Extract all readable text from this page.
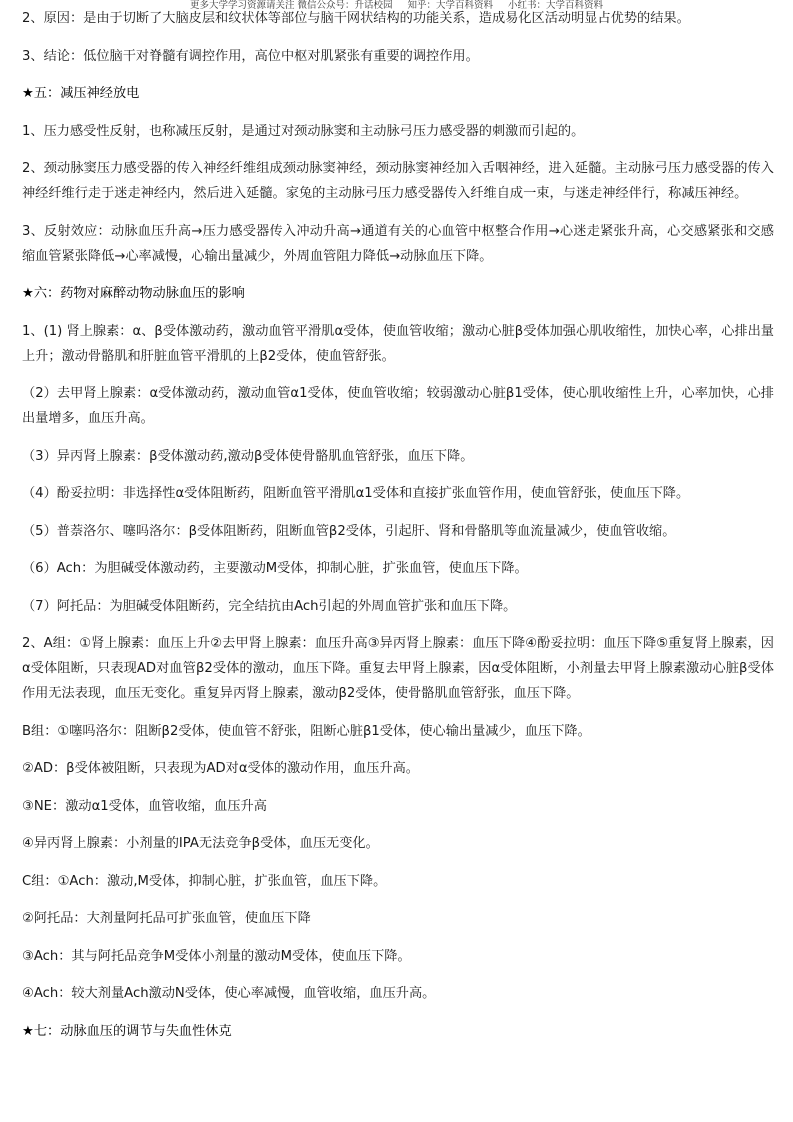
更多大学学习资源请关注 微信公众号：升话校园 知乎：大学百科资料 小红书：大学百科资料

2、原因：是由于切断了大脑皮层和纹状体等部位与脑干网状结构的功能关系，造成易化区活动明显占优势的结果。

3、结论：低位脑干对脊髓有调控作用，高位中枢对肌紧张有重要的调控作用。

★五：减压神经放电

1、压力感受性反射，也称减压反射，是通过对颈动脉窦和主动脉弓压力感受器的刺激而引起的。

2、颈动脉窦压力感受器的传入神经纤维组成颈动脉窦神经，颈动脉窦神经加入舌咽神经，进入延髓。主动脉弓压力感受器的传入神经纤维行走于迷走神经内，然后进入延髓。家兔的主动脉弓压力感受器传入纤维自成一束，与迷走神经伴行，称减压神经。

3、反射效应：动脉血压升高→压力感受器传入冲动升高→通道有关的心血管中枢整合作用→心迷走紧张升高，心交感紧张和交感缩血管紧张降低→心率减慢，心输出量减少，外周血管阻力降低→动脉血压下降。

★六：药物对麻醉动物动脉血压的影响

1、(1) 肾上腺素：α、β受体激动药，激动血管平滑肌α受体，使血管收缩；激动心脏β受体加强心肌收缩性，加快心率，心排出量上升；激动骨骼肌和肝脏血管平滑肌的上β2受体，使血管舒张。

（2）去甲肾上腺素：α受体激动药，激动血管α1受体，使血管收缩；较弱激动心脏β1受体，使心肌收缩性上升，心率加快，心排出量增多，血压升高。

（3）异丙肾上腺素：β受体激动药,激动β受体使骨骼肌血管舒张，血压下降。

（4）酚妥拉明：非选择性α受体阻断药，阻断血管平滑肌α1受体和直接扩张血管作用，使血管舒张，使血压下降。

（5）普萘洛尔、噻吗洛尔：β受体阻断药，阻断血管β2受体，引起肝、肾和骨骼肌等血流量减少，使血管收缩。

（6）Ach：为胆碱受体激动药，主要激动M受体，抑制心脏，扩张血管，使血压下降。

（7）阿托品：为胆碱受体阻断药，完全结抗由Ach引起的外周血管扩张和血压下降。

2、A组：①肾上腺素：血压上升②去甲肾上腺素：血压升高③异丙肾上腺素：血压下降④酚妥拉明：血压下降⑤重复肾上腺素，因α受体阻断，只表现AD对血管β2受体的激动，血压下降。重复去甲肾上腺素，因α受体阻断，小剂量去甲肾上腺素激动心脏β受体作用无法表现，血压无变化。重复异丙肾上腺素，激动β2受体，使骨骼肌血管舒张，血压下降。

B组：①噻吗洛尔：阻断β2受体，使血管不舒张，阻断心脏β1受体，使心输出量减少，血压下降。

②AD：β受体被阻断，只表现为AD对α受体的激动作用，血压升高。

③NE：激动α1受体，血管收缩，血压升高

④异丙肾上腺素：小剂量的IPA无法竞争β受体，血压无变化。

C组：①Ach：激动,M受体，抑制心脏，扩张血管，血压下降。

②阿托品：大剂量阿托品可扩张血管，使血压下降

③Ach：其与阿托品竞争M受体小剂量的激动M受体，使血压下降。

④Ach：较大剂量Ach激动N受体，使心率减慢，血管收缩，血压升高。

★七：动脉血压的调节与失血性休克
